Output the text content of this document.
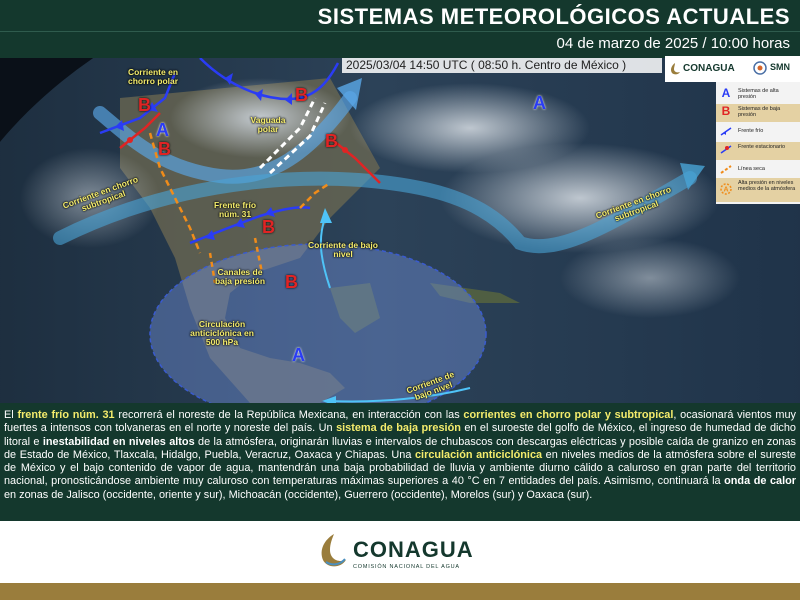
SISTEMAS METEOROLÓGICOS ACTUALES
04 de marzo de 2025 / 10:00 horas
Corriente en chorro polar
Vaguada polar
Corriente en chorro subtropical	Frente frío núm. 31
Canales de baja presión
Corriente de bajo nivel
Circulación anticiclónica en 500 hPa
Corriente de bajo nivel
Corriente en chorro subtropical
B
B
B
B
B
B
A
A
A
2025/03/04 14:50 UTC ( 08:50 h. Centro de México )	CONAGUA	SMN
A	Sistemas de alta presión
B	Sistemas de baja presión
Frente frío
Frente estacionario
Línea seca
A
Alta presión en niveles medios de la atmósfera
El frente frío núm. 31 recorrerá el noreste de la República Mexicana, en interacción con las corrientes en chorro polar y subtropical, ocasionará vientos muy fuertes a intensos con tolvaneras en el norte y noreste del país. Un sistema de baja presión en el suroeste del golfo de México, el ingreso de humedad de dicho litoral e inestabilidad en niveles altos de la atmósfera, originarán lluvias e intervalos de chubascos con descargas eléctricas y posible caída de granizo en zonas de Estado de México, Tlaxcala, Hidalgo, Puebla, Veracruz, Oaxaca y Chiapas. Una circulación anticiclónica en niveles medios de la atmósfera sobre el sureste de México y el bajo contenido de vapor de agua, mantendrán una baja probabilidad de lluvia y ambiente diurno cálido a caluroso en gran parte del territorio nacional, pronosticándose ambiente muy caluroso con temperaturas máximas superiores a 40 °C en 7 entidades del país. Asimismo, continuará la onda de calor en zonas de Jalisco (occidente, oriente y sur), Michoacán (occidente), Guerrero (occidente), Morelos (sur) y Oaxaca (sur).
CONAGUA
COMISIÓN NACIONAL DEL AGUA
